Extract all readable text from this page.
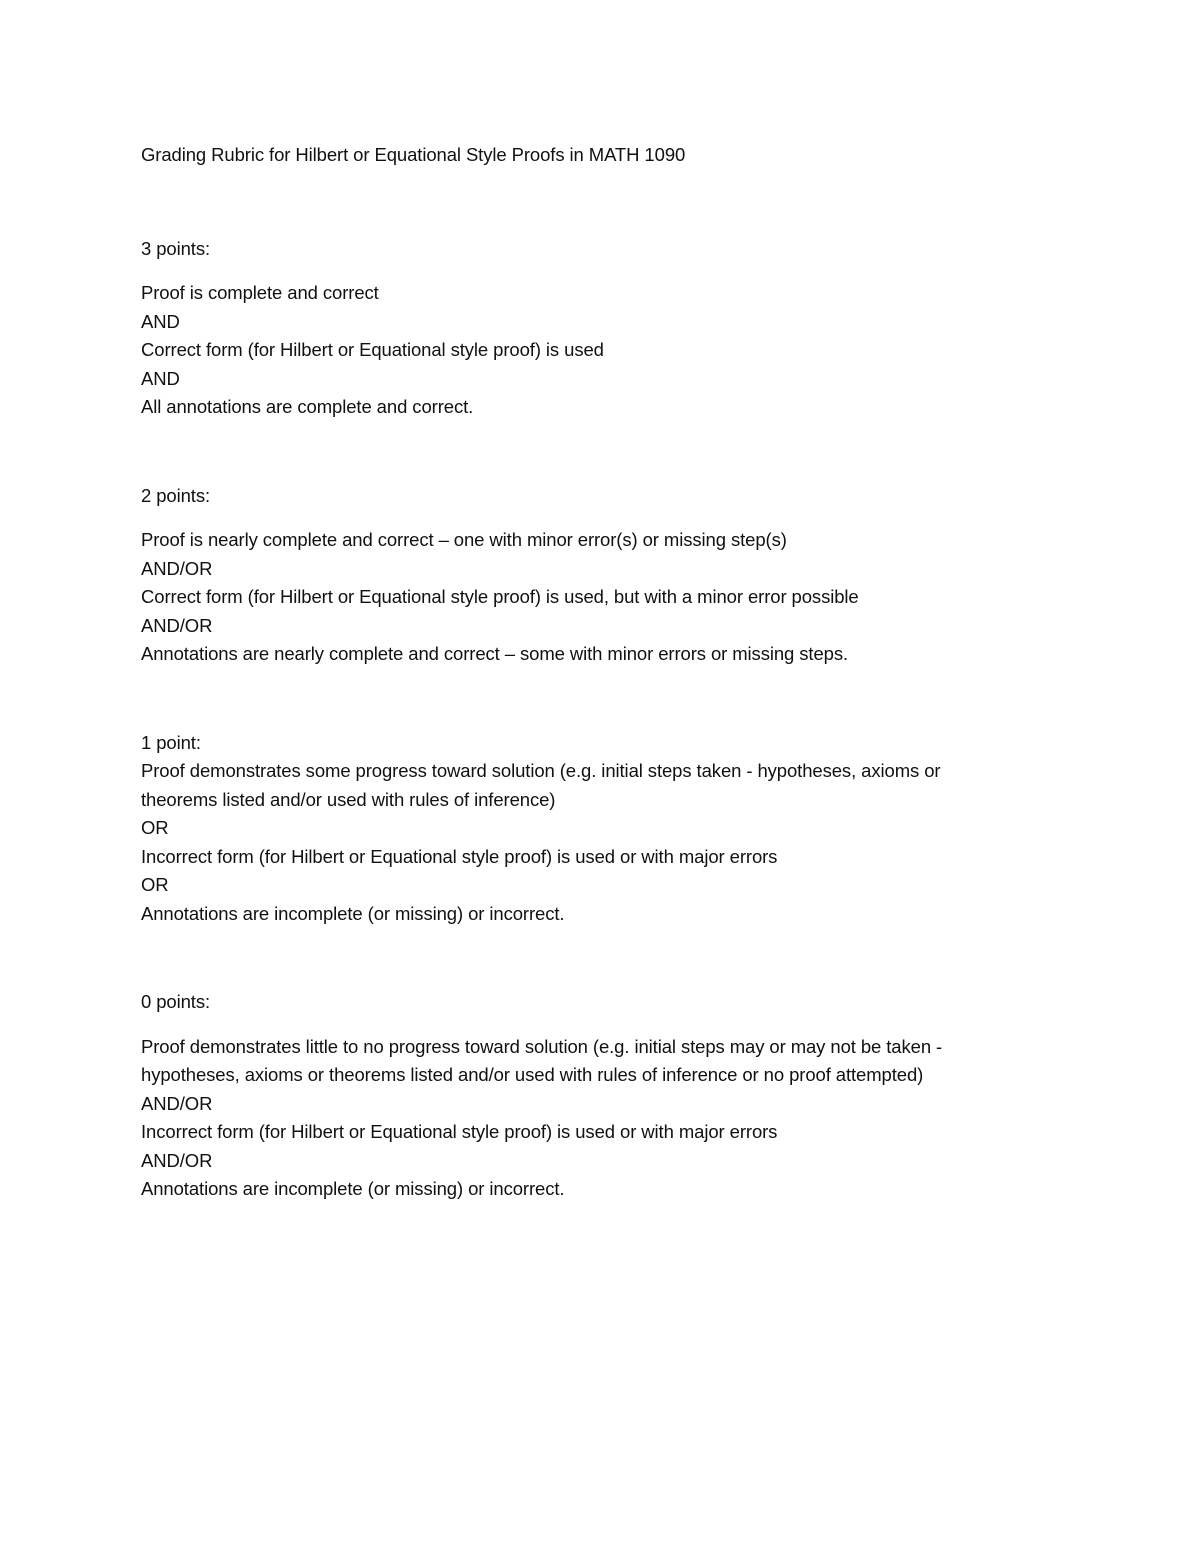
Grading Rubric for Hilbert or Equational Style Proofs in MATH 1090
3 points:
Proof is complete and correct
AND
Correct form (for Hilbert or Equational style proof) is used
AND
All annotations are complete and correct.
2 points:
Proof is nearly complete and correct – one with minor error(s) or missing step(s)
AND/OR
Correct form (for Hilbert or Equational style proof) is used, but with a minor error possible
AND/OR
Annotations are nearly complete and correct – some with minor errors or missing steps.
1 point:
Proof demonstrates some progress toward solution (e.g. initial steps taken - hypotheses, axioms or
theorems listed and/or used with rules of inference)
OR
Incorrect form (for Hilbert or Equational style proof) is used or with major errors
OR
Annotations are incomplete (or missing) or incorrect.
0 points:
Proof demonstrates little to no progress toward solution (e.g. initial steps may or may not be taken -
hypotheses, axioms or theorems listed and/or used with rules of inference or no proof attempted)
AND/OR
Incorrect form (for Hilbert or Equational style proof) is used or with major errors
AND/OR
Annotations are incomplete (or missing) or incorrect.
